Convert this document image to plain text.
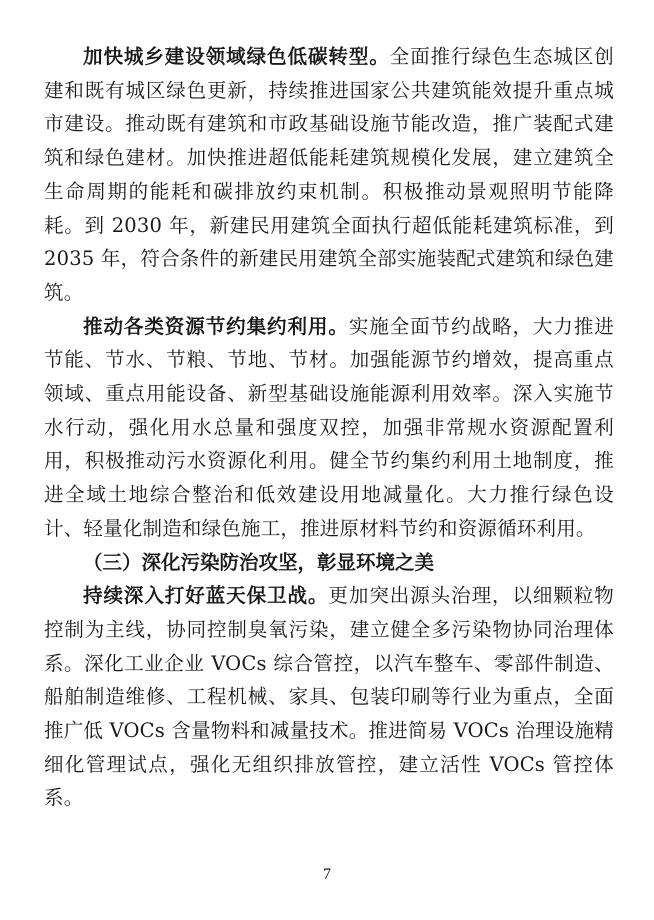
加快城乡建设领域绿色低碳转型。全面推行绿色生态城区创建和既有城区绿色更新，持续推进国家公共建筑能效提升重点城市建设。推动既有建筑和市政基础设施节能改造，推广装配式建筑和绿色建材。加快推进超低能耗建筑规模化发展，建立建筑全生命周期的能耗和碳排放约束机制。积极推动景观照明节能降耗。到 2030 年，新建民用建筑全面执行超低能耗建筑标准，到 2035 年，符合条件的新建民用建筑全部实施装配式建筑和绿色建筑。

推动各类资源节约集约利用。实施全面节约战略，大力推进节能、节水、节粮、节地、节材。加强能源节约增效，提高重点领域、重点用能设备、新型基础设施能源利用效率。深入实施节水行动，强化用水总量和强度双控，加强非常规水资源配置利用，积极推动污水资源化利用。健全节约集约利用土地制度，推进全域土地综合整治和低效建设用地减量化。大力推行绿色设计、轻量化制造和绿色施工，推进原材料节约和资源循环利用。

（三）深化污染防治攻坚，彰显环境之美

持续深入打好蓝天保卫战。更加突出源头治理，以细颗粒物控制为主线，协同控制臭氧污染，建立健全多污染物协同治理体系。深化工业企业 VOCs 综合管控，以汽车整车、零部件制造、船舶制造维修、工程机械、家具、包装印刷等行业为重点，全面推广低 VOCs 含量物料和减量技术。推进简易 VOCs 治理设施精细化管理试点，强化无组织排放管控，建立活性 VOCs 管控体系。

7
